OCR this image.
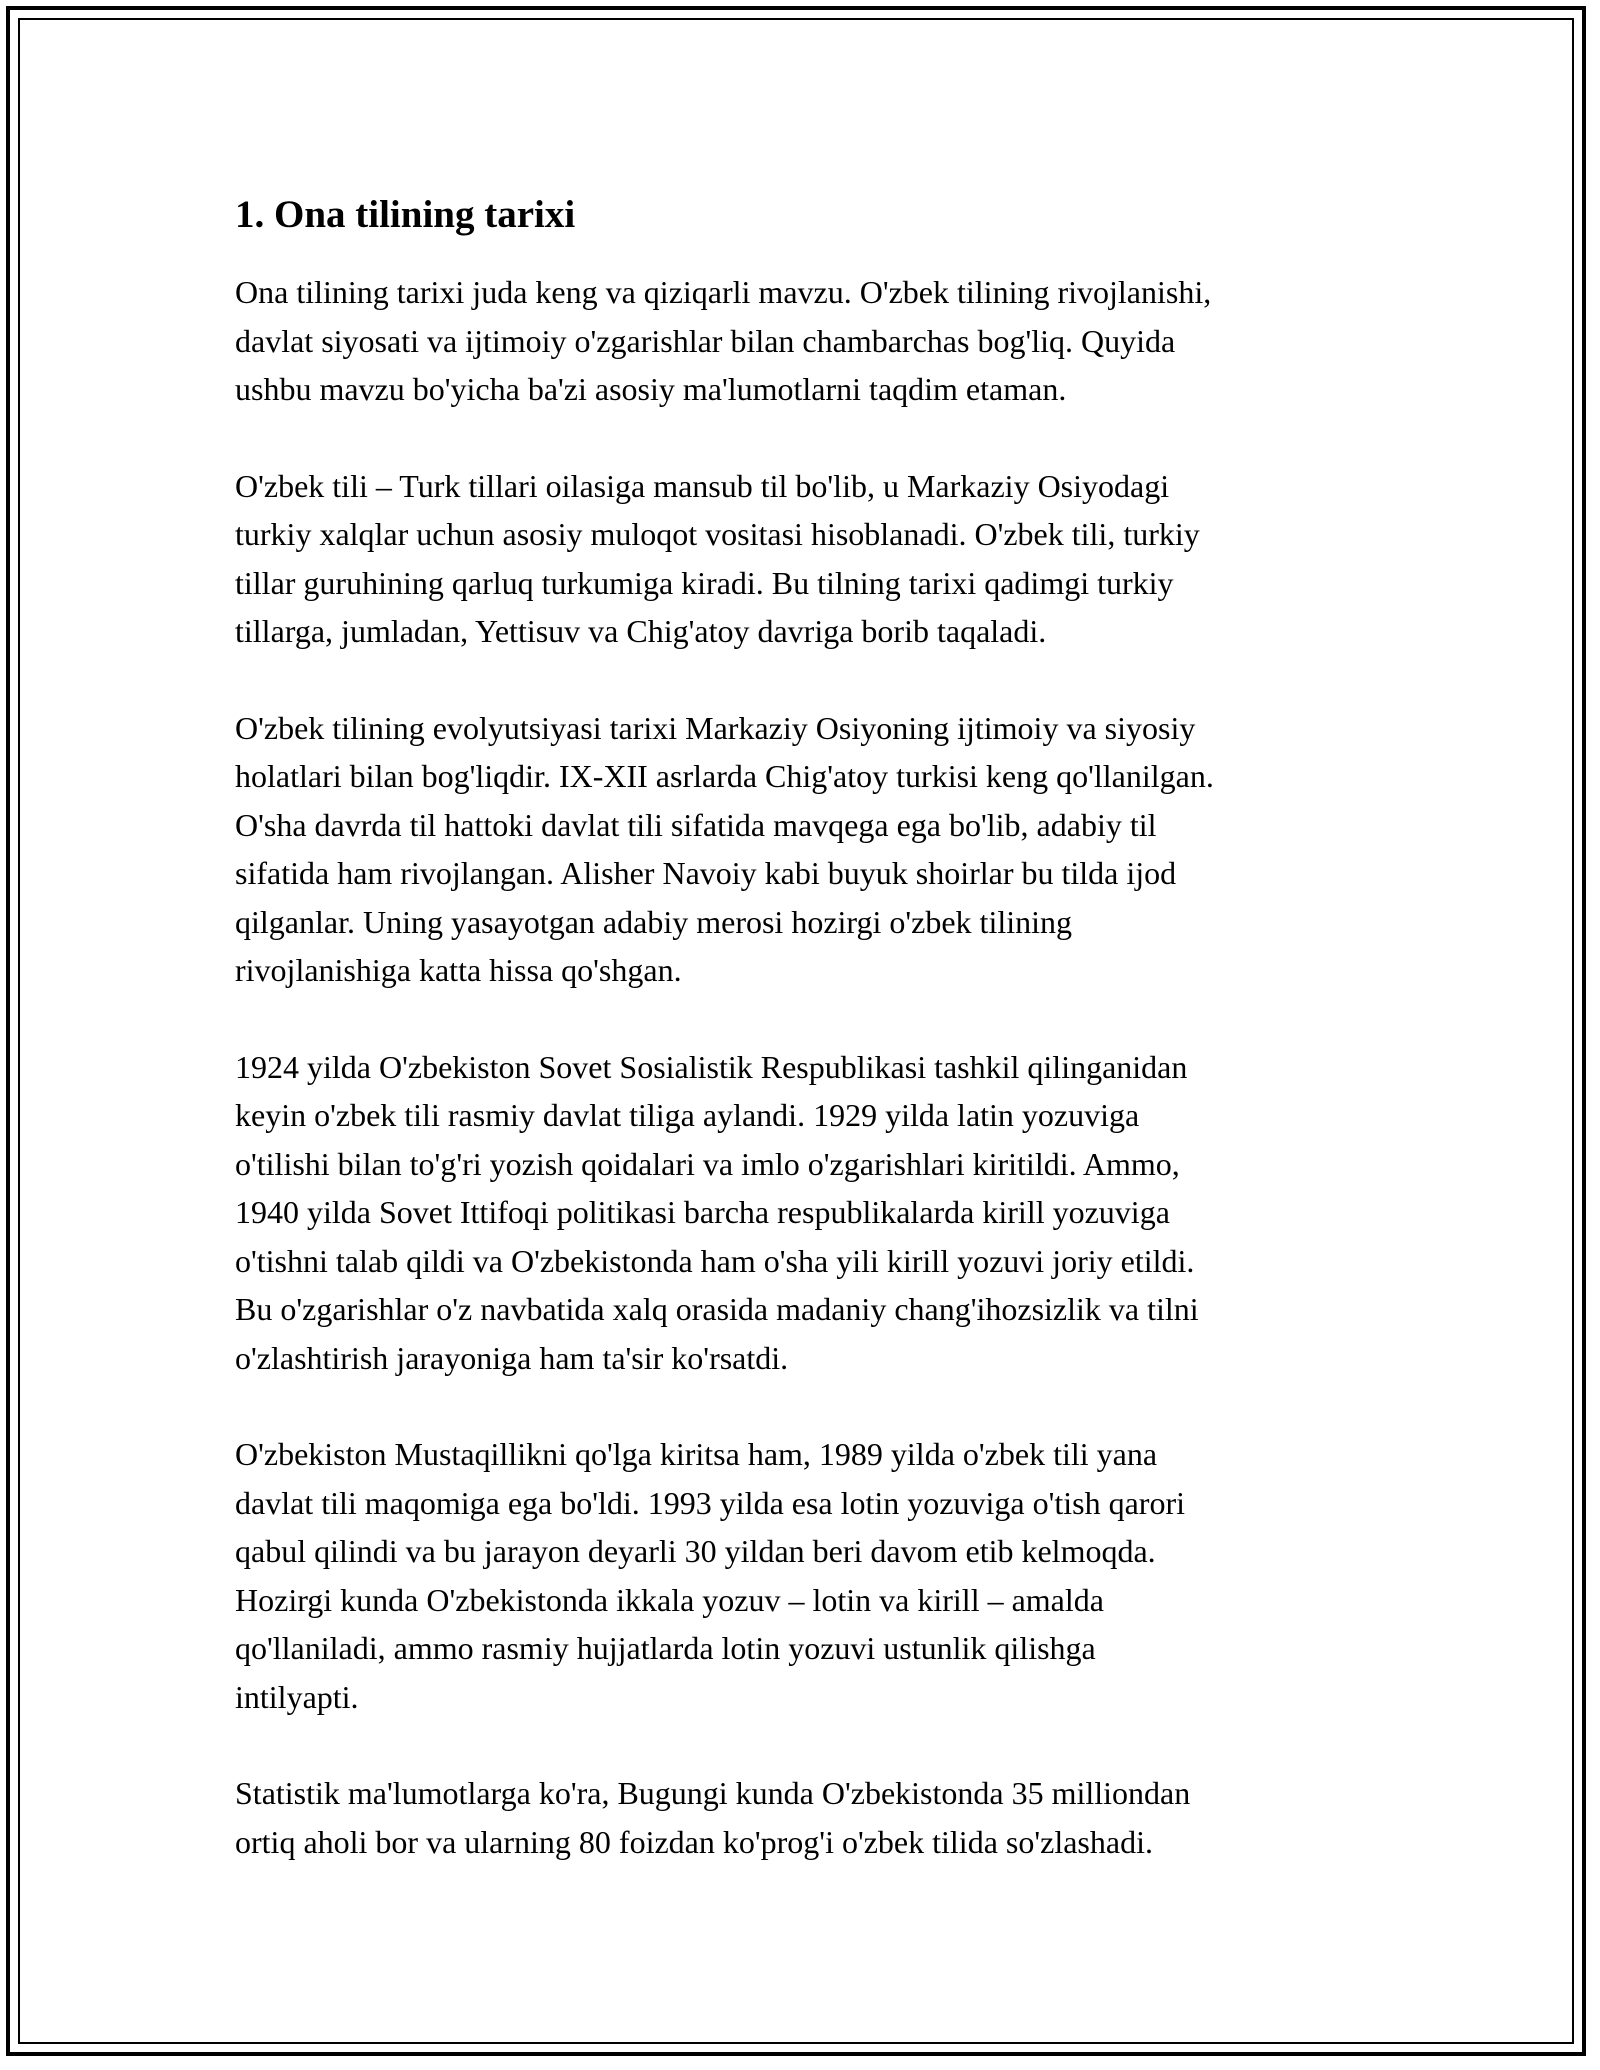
1. Ona tilining tarixi

Ona tilining tarixi juda keng va qiziqarli mavzu. O'zbek tilining rivojlanishi,
davlat siyosati va ijtimoiy o'zgarishlar bilan chambarchas bog'liq. Quyida
ushbu mavzu bo'yicha ba'zi asosiy ma'lumotlarni taqdim etaman.

O'zbek tili – Turk tillari oilasiga mansub til bo'lib, u Markaziy Osiyodagi
turkiy xalqlar uchun asosiy muloqot vositasi hisoblanadi. O'zbek tili, turkiy
tillar guruhining qarluq turkumiga kiradi. Bu tilning tarixi qadimgi turkiy
tillarga, jumladan, Yettisuv va Chig'atoy davriga borib taqaladi.

O'zbek tilining evolyutsiyasi tarixi Markaziy Osiyoning ijtimoiy va siyosiy
holatlari bilan bog'liqdir. IX-XII asrlarda Chig'atoy turkisi keng qo'llanilgan.
O'sha davrda til hattoki davlat tili sifatida mavqega ega bo'lib, adabiy til
sifatida ham rivojlangan. Alisher Navoiy kabi buyuk shoirlar bu tilda ijod
qilganlar. Uning yasayotgan adabiy merosi hozirgi o'zbek tilining
rivojlanishiga katta hissa qo'shgan.

1924 yilda O'zbekiston Sovet Sosialistik Respublikasi tashkil qilinganidan
keyin o'zbek tili rasmiy davlat tiliga aylandi. 1929 yilda latin yozuviga
o'tilishi bilan to'g'ri yozish qoidalari va imlo o'zgarishlari kiritildi. Ammo,
1940 yilda Sovet Ittifoqi politikasi barcha respublikalarda kirill yozuviga
o'tishni talab qildi va O'zbekistonda ham o'sha yili kirill yozuvi joriy etildi.
Bu o'zgarishlar o'z navbatida xalq orasida madaniy chang'ihozsizlik va tilni
o'zlashtirish jarayoniga ham ta'sir ko'rsatdi.

O'zbekiston Mustaqillikni qo'lga kiritsa ham, 1989 yilda o'zbek tili yana
davlat tili maqomiga ega bo'ldi. 1993 yilda esa lotin yozuviga o'tish qarori
qabul qilindi va bu jarayon deyarli 30 yildan beri davom etib kelmoqda.
Hozirgi kunda O'zbekistonda ikkala yozuv – lotin va kirill – amalda
qo'llaniladi, ammo rasmiy hujjatlarda lotin yozuvi ustunlik qilishga
intilyapti.

Statistik ma'lumotlarga ko'ra, Bugungi kunda O'zbekistonda 35 milliondan
ortiq aholi bor va ularning 80 foizdan ko'prog'i o'zbek tilida so'zlashadi.
